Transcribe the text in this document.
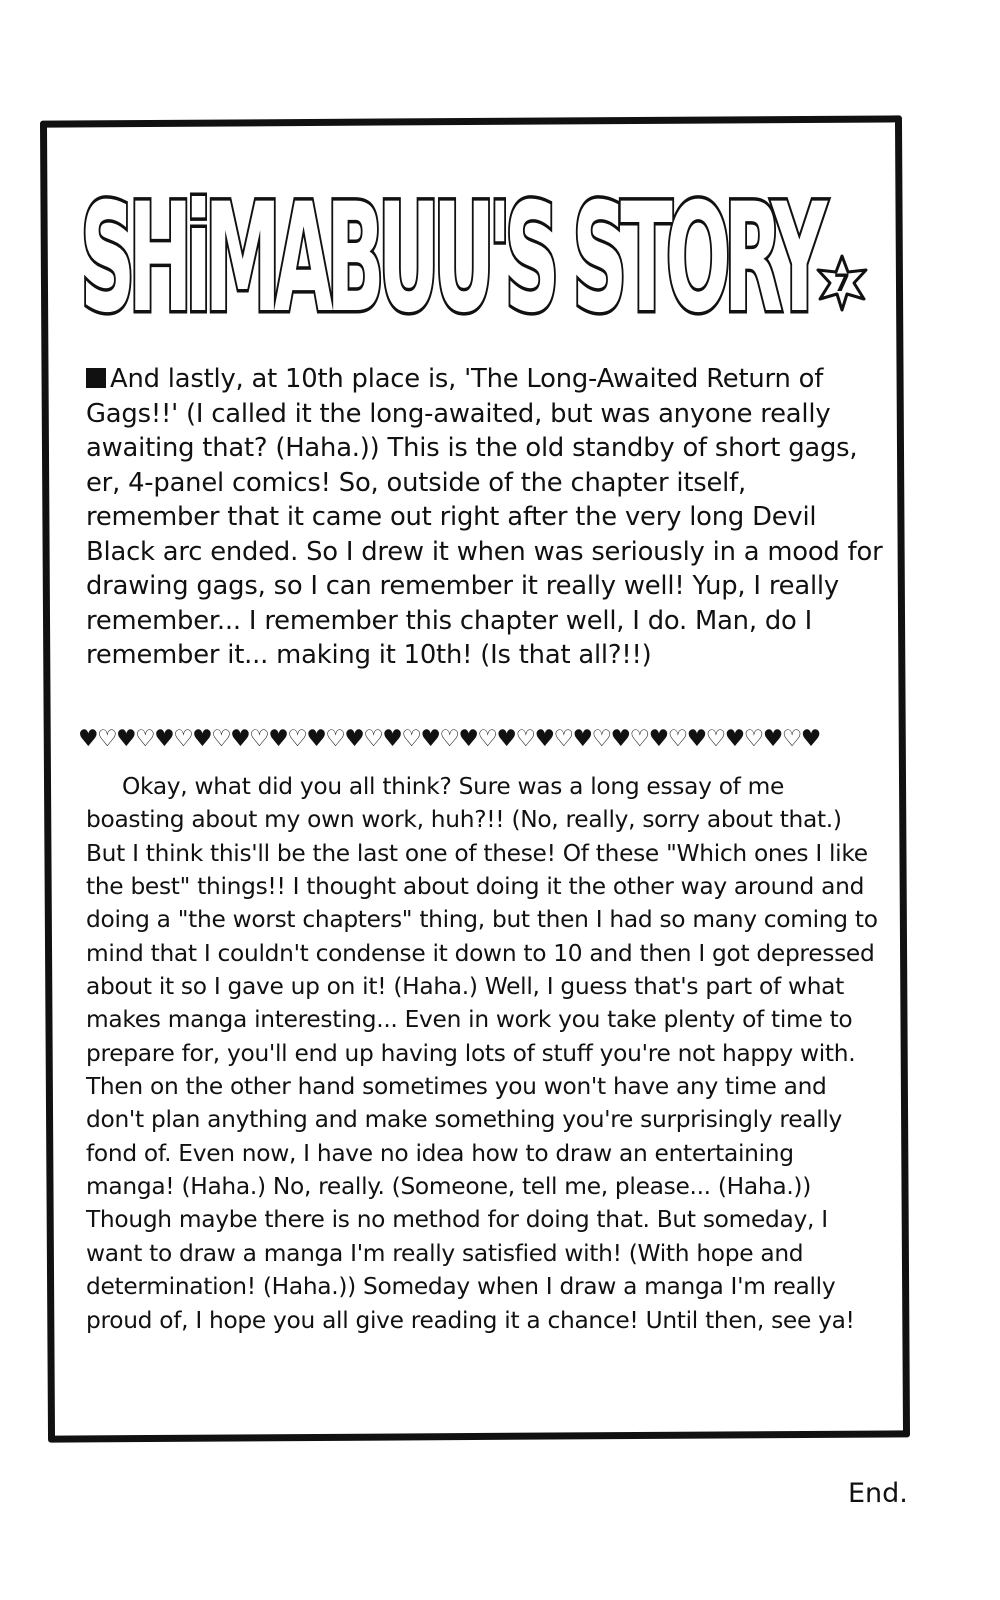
SHiMABUU'S STORY 7

And lastly, at 10th place is, 'The Long-Awaited Return of Gags!!' (I called it the long-awaited, but was anyone really awaiting that? (Haha.)) This is the old standby of short gags, er, 4-panel comics! So, outside of the chapter itself, remember that it came out right after the very long Devil Black arc ended. So I drew it when was seriously in a mood for drawing gags, so I can remember it really well! Yup, I really remember... I remember this chapter well, I do. Man, do I remember it... making it 10th! (Is that all?!!)

♥♡♥♡♥♡♥♡♥♡♥♡♥♡♥♡♥♡♥♡♥♡♥♡♥♡♥♡♥♡♥♡♥♡♥♡♥♡♥

Okay, what did you all think? Sure was a long essay of me boasting about my own work, huh?!! (No, really, sorry about that.) But I think this'll be the last one of these! Of these "Which ones I like the best" things!! I thought about doing it the other way around and doing a "the worst chapters" thing, but then I had so many coming to mind that I couldn't condense it down to 10 and then I got depressed about it so I gave up on it! (Haha.) Well, I guess that's part of what makes manga interesting... Even in work you take plenty of time to prepare for, you'll end up having lots of stuff you're not happy with. Then on the other hand sometimes you won't have any time and don't plan anything and make something you're surprisingly really fond of. Even now, I have no idea how to draw an entertaining manga! (Haha.) No, really. (Someone, tell me, please... (Haha.)) Though maybe there is no method for doing that. But someday, I want to draw a manga I'm really satisfied with! (With hope and determination! (Haha.)) Someday when I draw a manga I'm really proud of, I hope you all give reading it a chance! Until then, see ya!

End.
